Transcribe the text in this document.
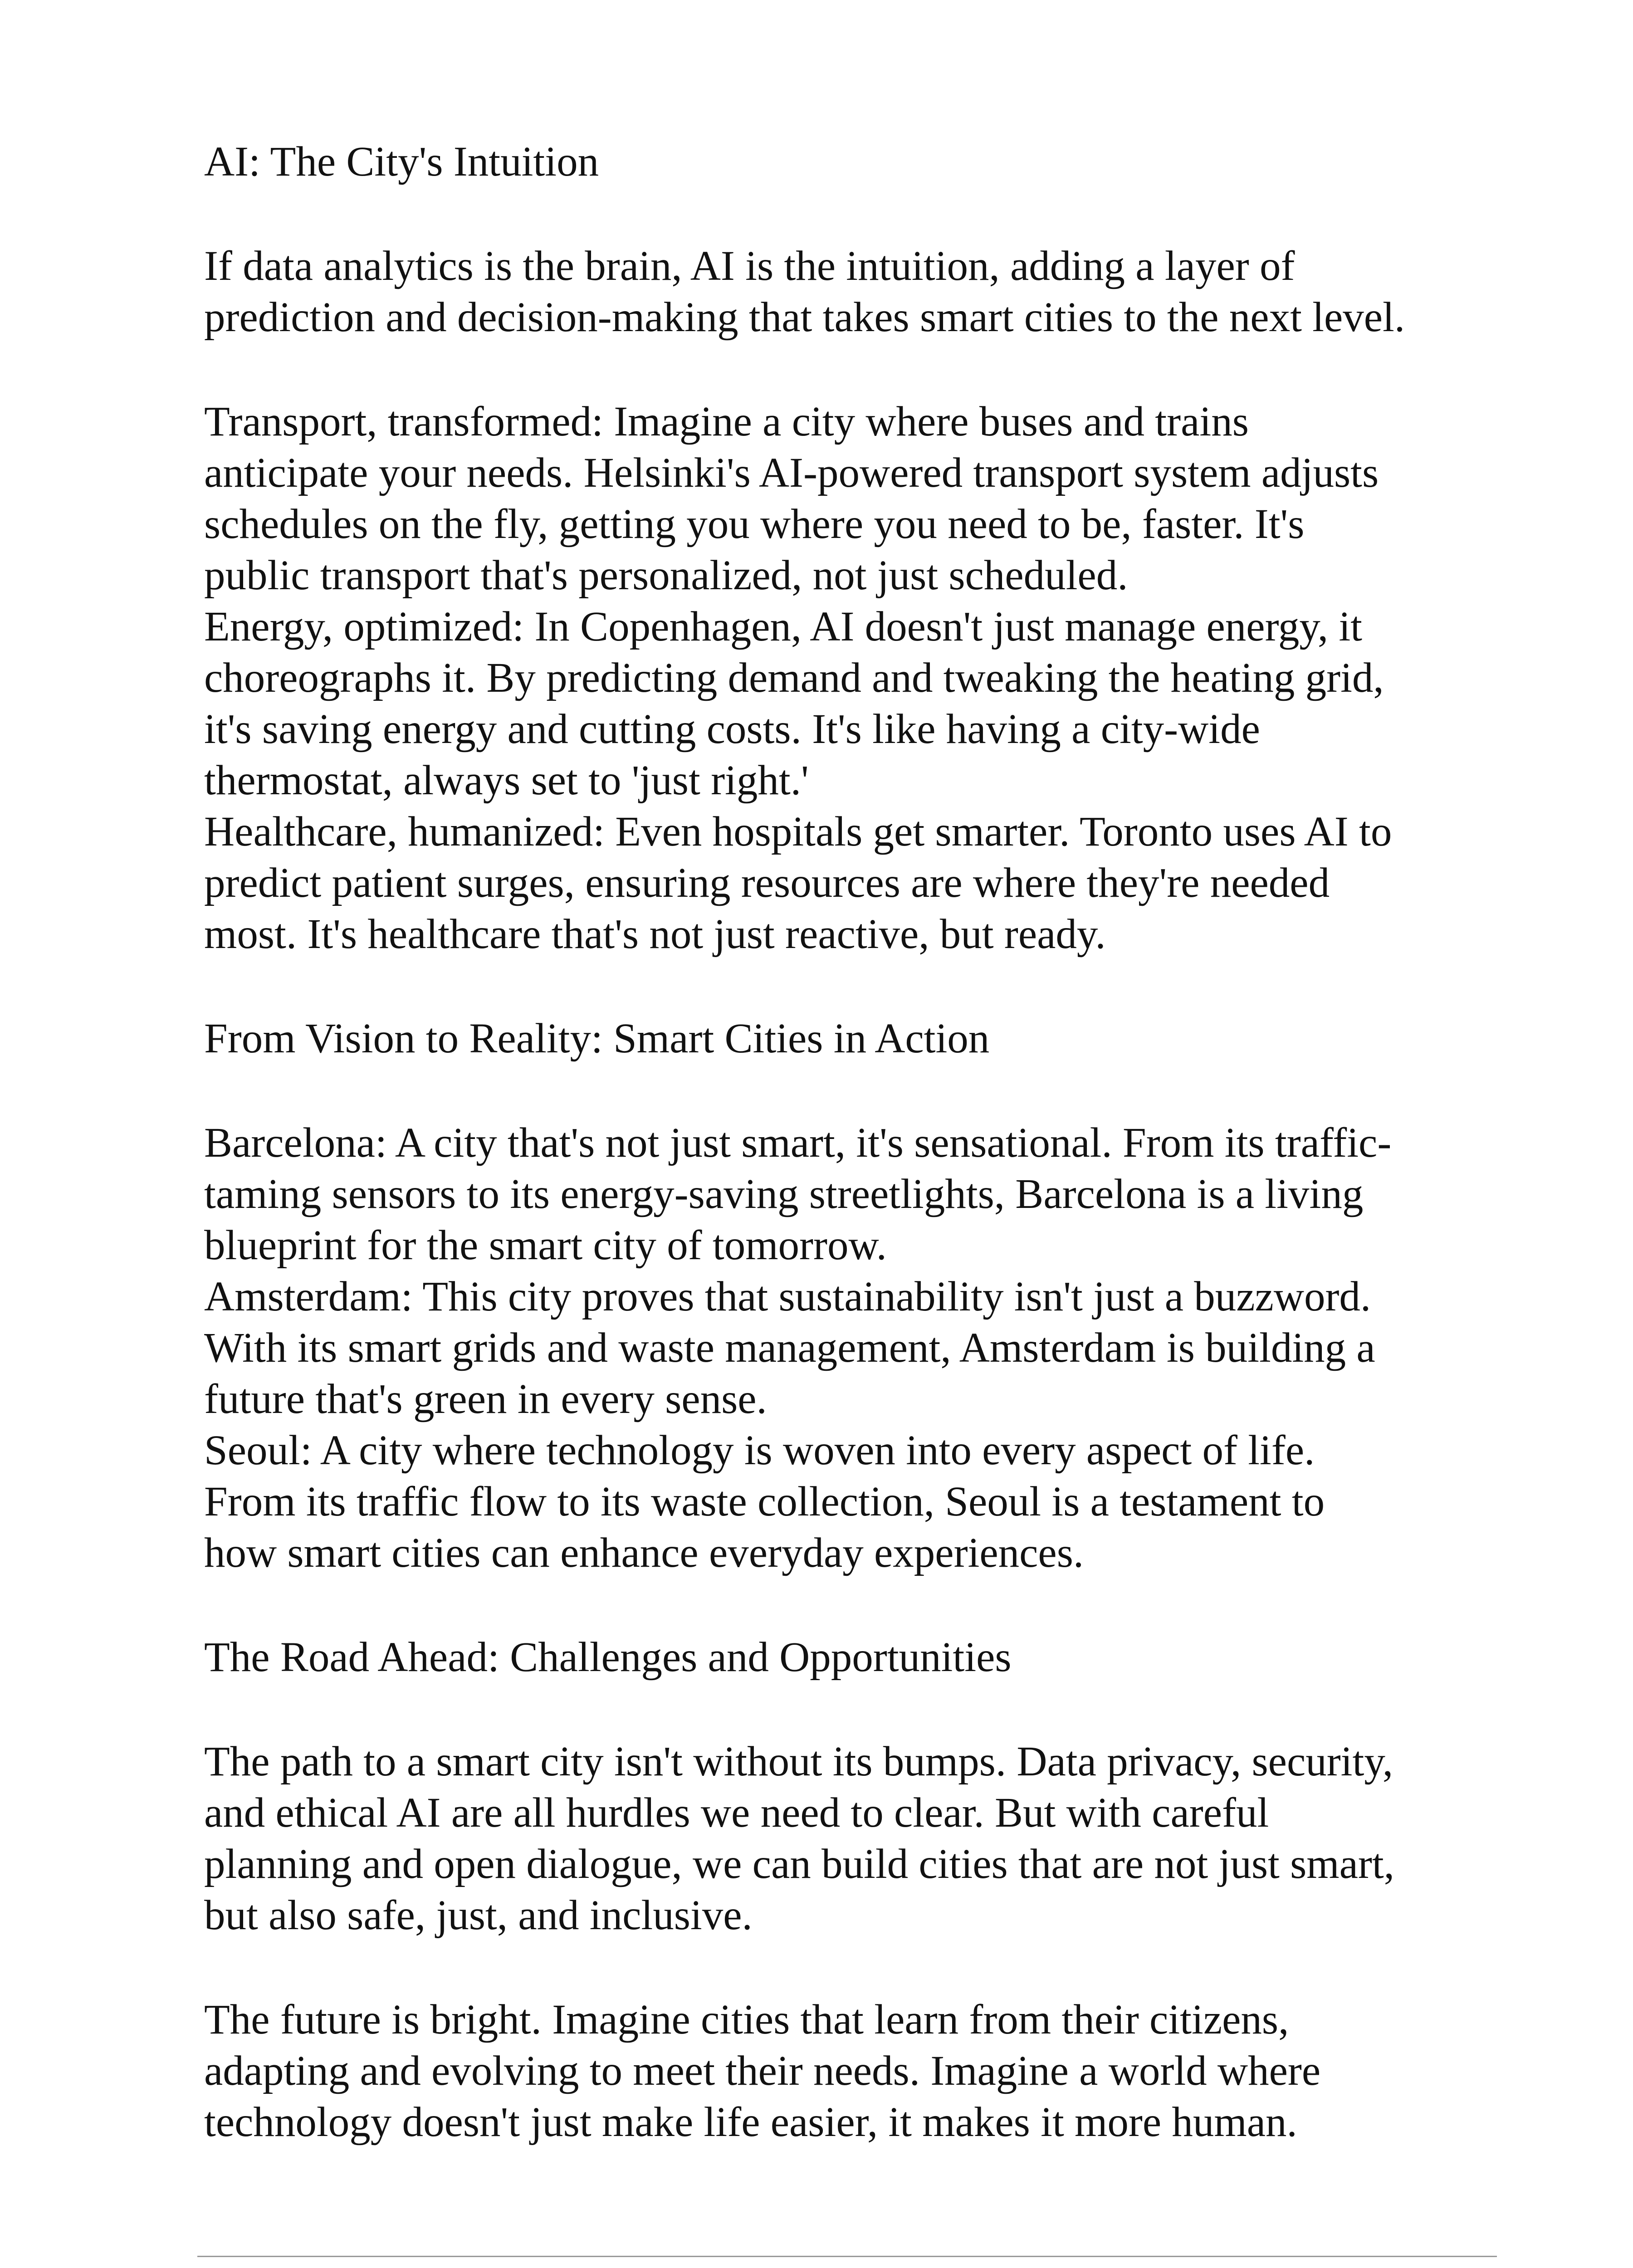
AI: The City's Intuition
If data analytics is the brain, AI is the intuition, adding a layer of
prediction and decision-making that takes smart cities to the next level.
Transport, transformed: Imagine a city where buses and trains
anticipate your needs. Helsinki's AI-powered transport system adjusts
schedules on the fly, getting you where you need to be, faster. It's
public transport that's personalized, not just scheduled.
Energy, optimized: In Copenhagen, AI doesn't just manage energy, it
choreographs it. By predicting demand and tweaking the heating grid,
it's saving energy and cutting costs. It's like having a city-wide
thermostat, always set to 'just right.'
Healthcare, humanized: Even hospitals get smarter. Toronto uses AI to
predict patient surges, ensuring resources are where they're needed
most. It's healthcare that's not just reactive, but ready.
From Vision to Reality: Smart Cities in Action
Barcelona: A city that's not just smart, it's sensational. From its traffic-
taming sensors to its energy-saving streetlights, Barcelona is a living
blueprint for the smart city of tomorrow.
Amsterdam: This city proves that sustainability isn't just a buzzword.
With its smart grids and waste management, Amsterdam is building a
future that's green in every sense.
Seoul: A city where technology is woven into every aspect of life.
From its traffic flow to its waste collection, Seoul is a testament to
how smart cities can enhance everyday experiences.
The Road Ahead: Challenges and Opportunities
The path to a smart city isn't without its bumps. Data privacy, security,
and ethical AI are all hurdles we need to clear. But with careful
planning and open dialogue, we can build cities that are not just smart,
but also safe, just, and inclusive.
The future is bright. Imagine cities that learn from their citizens,
adapting and evolving to meet their needs. Imagine a world where
technology doesn't just make life easier, it makes it more human.
